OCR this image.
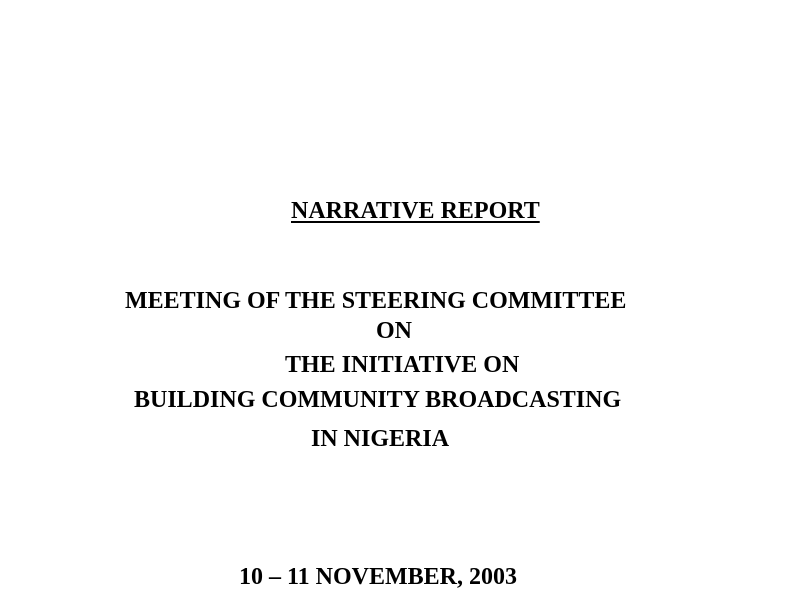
NARRATIVE REPORT

MEETING OF THE STEERING COMMITTEE

ON

THE INITIATIVE ON

BUILDING COMMUNITY BROADCASTING

IN NIGERIA

10 – 11 NOVEMBER, 2003
